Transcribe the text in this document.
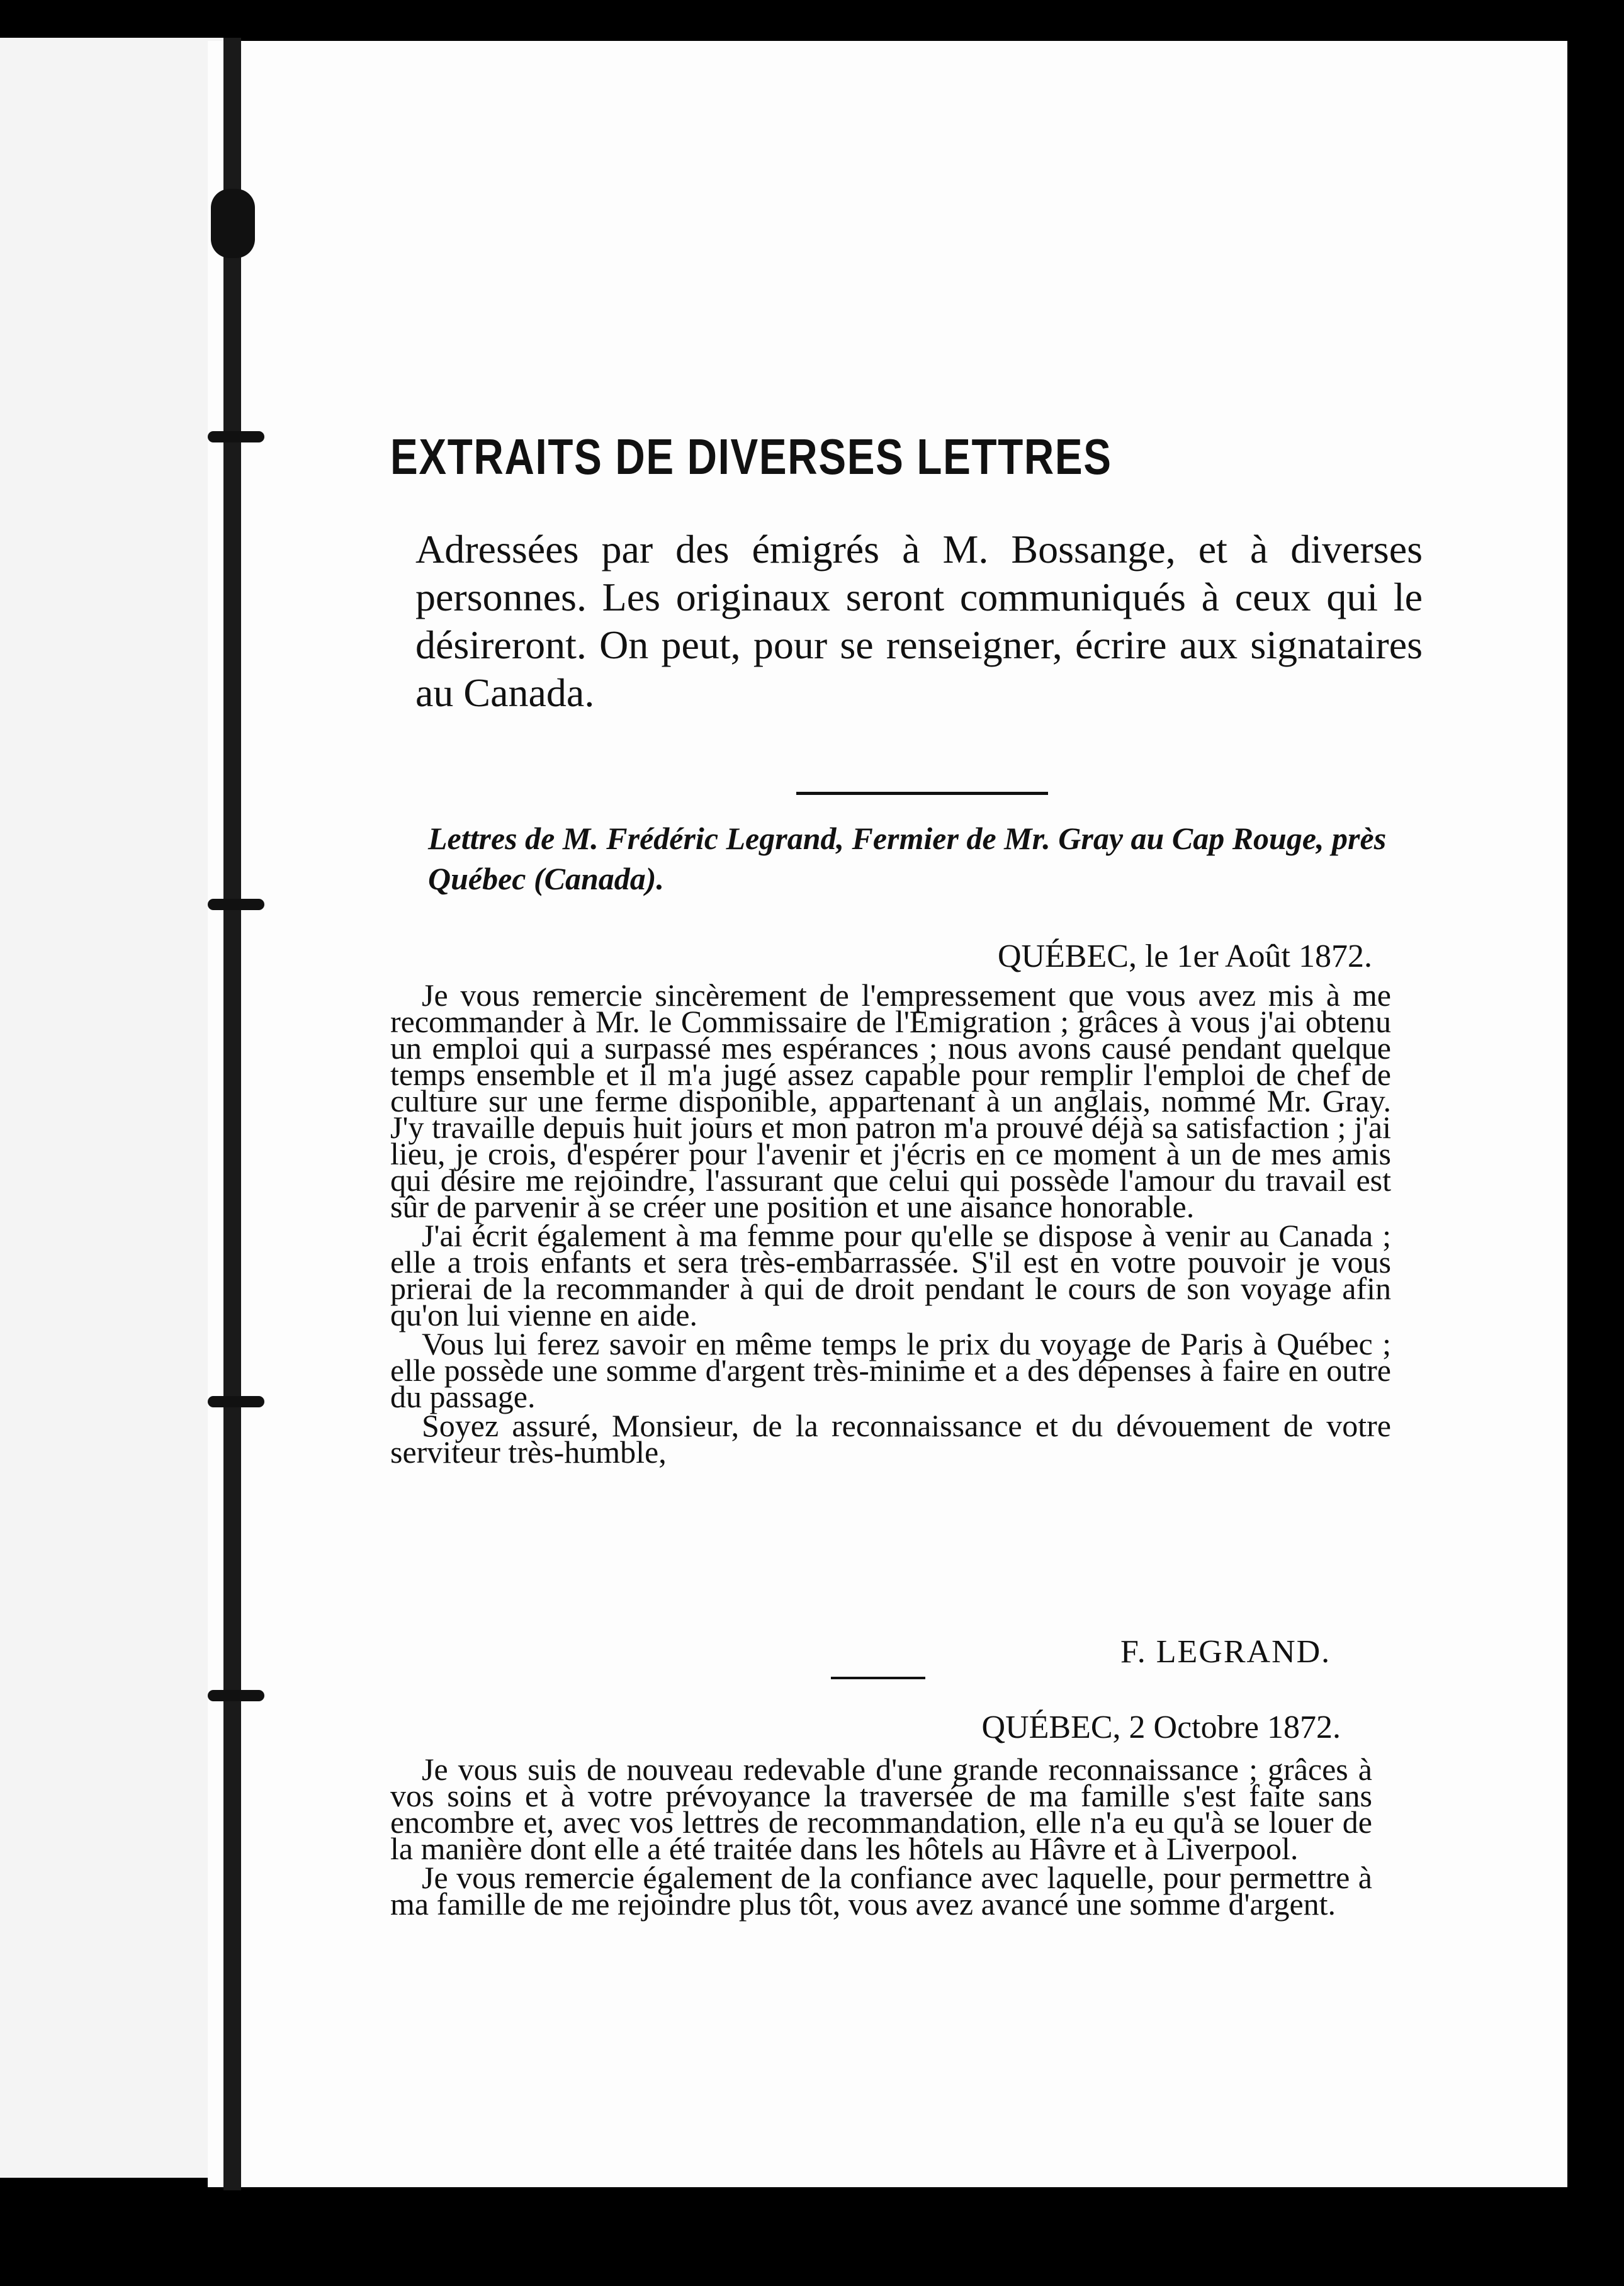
EXTRAITS DE DIVERSES LETTRES
Adressées par des émigrés à M. Bossange, et à diverses personnes. Les originaux seront communiqués à ceux qui le désireront. On peut, pour se renseigner, écrire aux signataires au Canada.
Lettres de M. Frédéric Legrand, Fermier de Mr. Gray au Cap Rouge, près Québec (Canada).
QUÉBEC, le 1er Août 1872.

Je vous remercie sincèrement de l'empressement que vous avez mis à me recommander à Mr. le Commissaire de l'Emigration ; grâces à vous j'ai obtenu un emploi qui a surpassé mes espérances ; nous avons causé pendant quelque temps ensemble et il m'a jugé assez capable pour remplir l'emploi de chef de culture sur une ferme disponible, appartenant à un anglais, nommé Mr. Gray. J'y travaille depuis huit jours et mon patron m'a prouvé déjà sa satisfaction ; j'ai lieu, je crois, d'espérer pour l'avenir et j'écris en ce moment à un de mes amis qui désire me rejoindre, l'assurant que celui qui possède l'amour du travail est sûr de parvenir à se créer une position et une aisance honorable.

J'ai écrit également à ma femme pour qu'elle se dispose à venir au Canada ; elle a trois enfants et sera très-embarrassée. S'il est en votre pouvoir je vous prierai de la recommander à qui de droit pendant le cours de son voyage afin qu'on lui vienne en aide.

Vous lui ferez savoir en même temps le prix du voyage de Paris à Québec ; elle possède une somme d'argent très-minime et a des dépenses à faire en outre du passage.

Soyez assuré, Monsieur, de la reconnaissance et du dévouement de votre serviteur très-humble,

F. LEGRAND.
QUÉBEC, 2 Octobre 1872.

Je vous suis de nouveau redevable d'une grande reconnaissance ; grâces à vos soins et à votre prévoyance la traversée de ma famille s'est faite sans encombre et, avec vos lettres de recommandation, elle n'a eu qu'à se louer de la manière dont elle a été traitée dans les hôtels au Hâvre et à Liverpool.

Je vous remercie également de la confiance avec laquelle, pour permettre à ma famille de me rejoindre plus tôt, vous avez avancé une somme d'argent.
